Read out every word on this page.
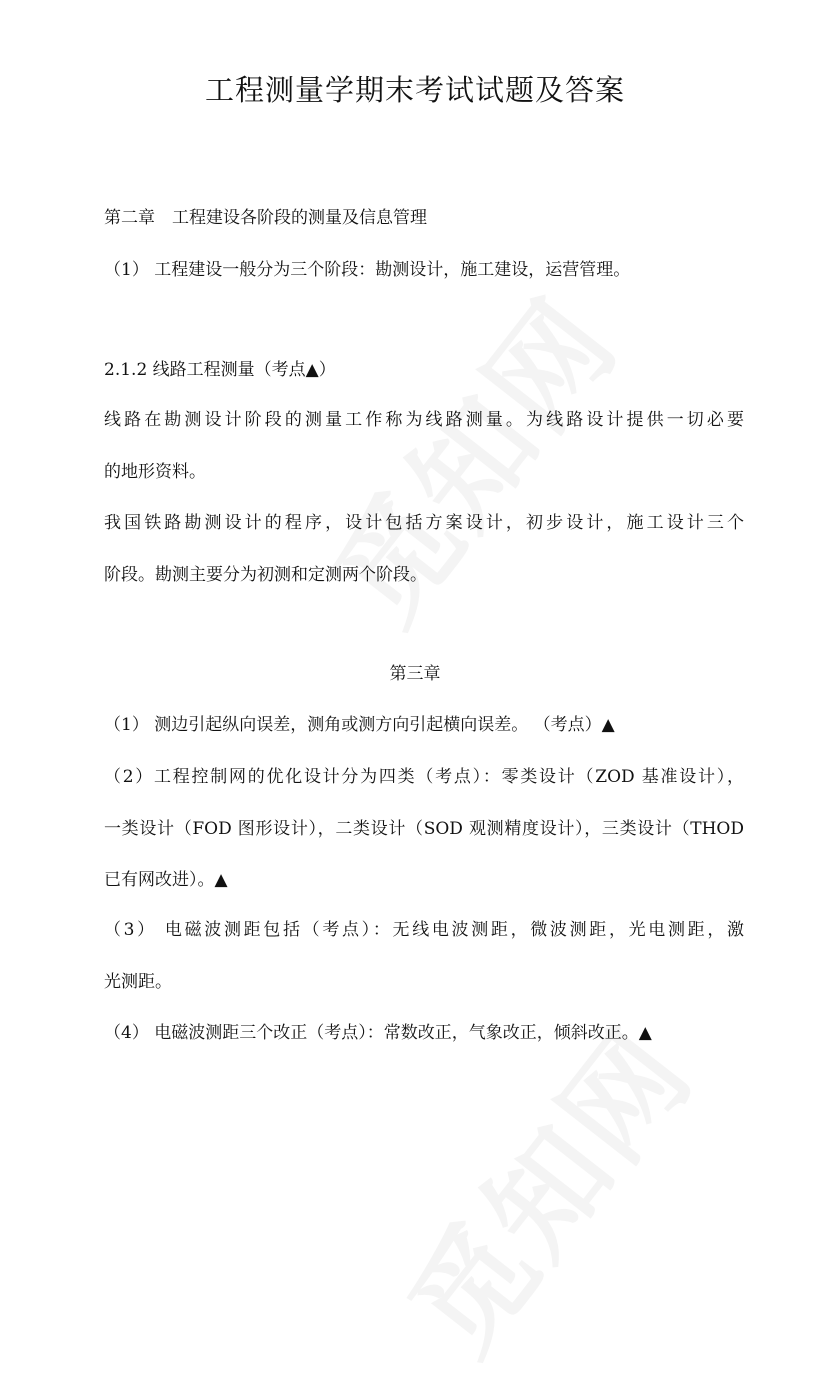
工程测量学期末考试试题及答案
第二章　工程建设各阶段的测量及信息管理
（1） 工程建设一般分为三个阶段：勘测设计，施工建设，运营管理。
2.1.2 线路工程测量（考点▲）
线路在勘测设计阶段的测量工作称为线路测量。为线路设计提供一切必要
的地形资料。
我国铁路勘测设计的程序，设计包括方案设计，初步设计，施工设计三个
阶段。勘测主要分为初测和定测两个阶段。
第三章
（1） 测边引起纵向误差，测角或测方向引起横向误差。 （考点）▲
（2）工程控制网的优化设计分为四类（考点）：零类设计（ZOD 基准设计），
一类设计（FOD 图形设计），二类设计（SOD 观测精度设计），三类设计（THOD
已有网改进）。▲
（3） 电磁波测距包括（考点）：无线电波测距，微波测距，光电测距，激
光测距。
（4） 电磁波测距三个改正（考点）：常数改正，气象改正，倾斜改正。▲
